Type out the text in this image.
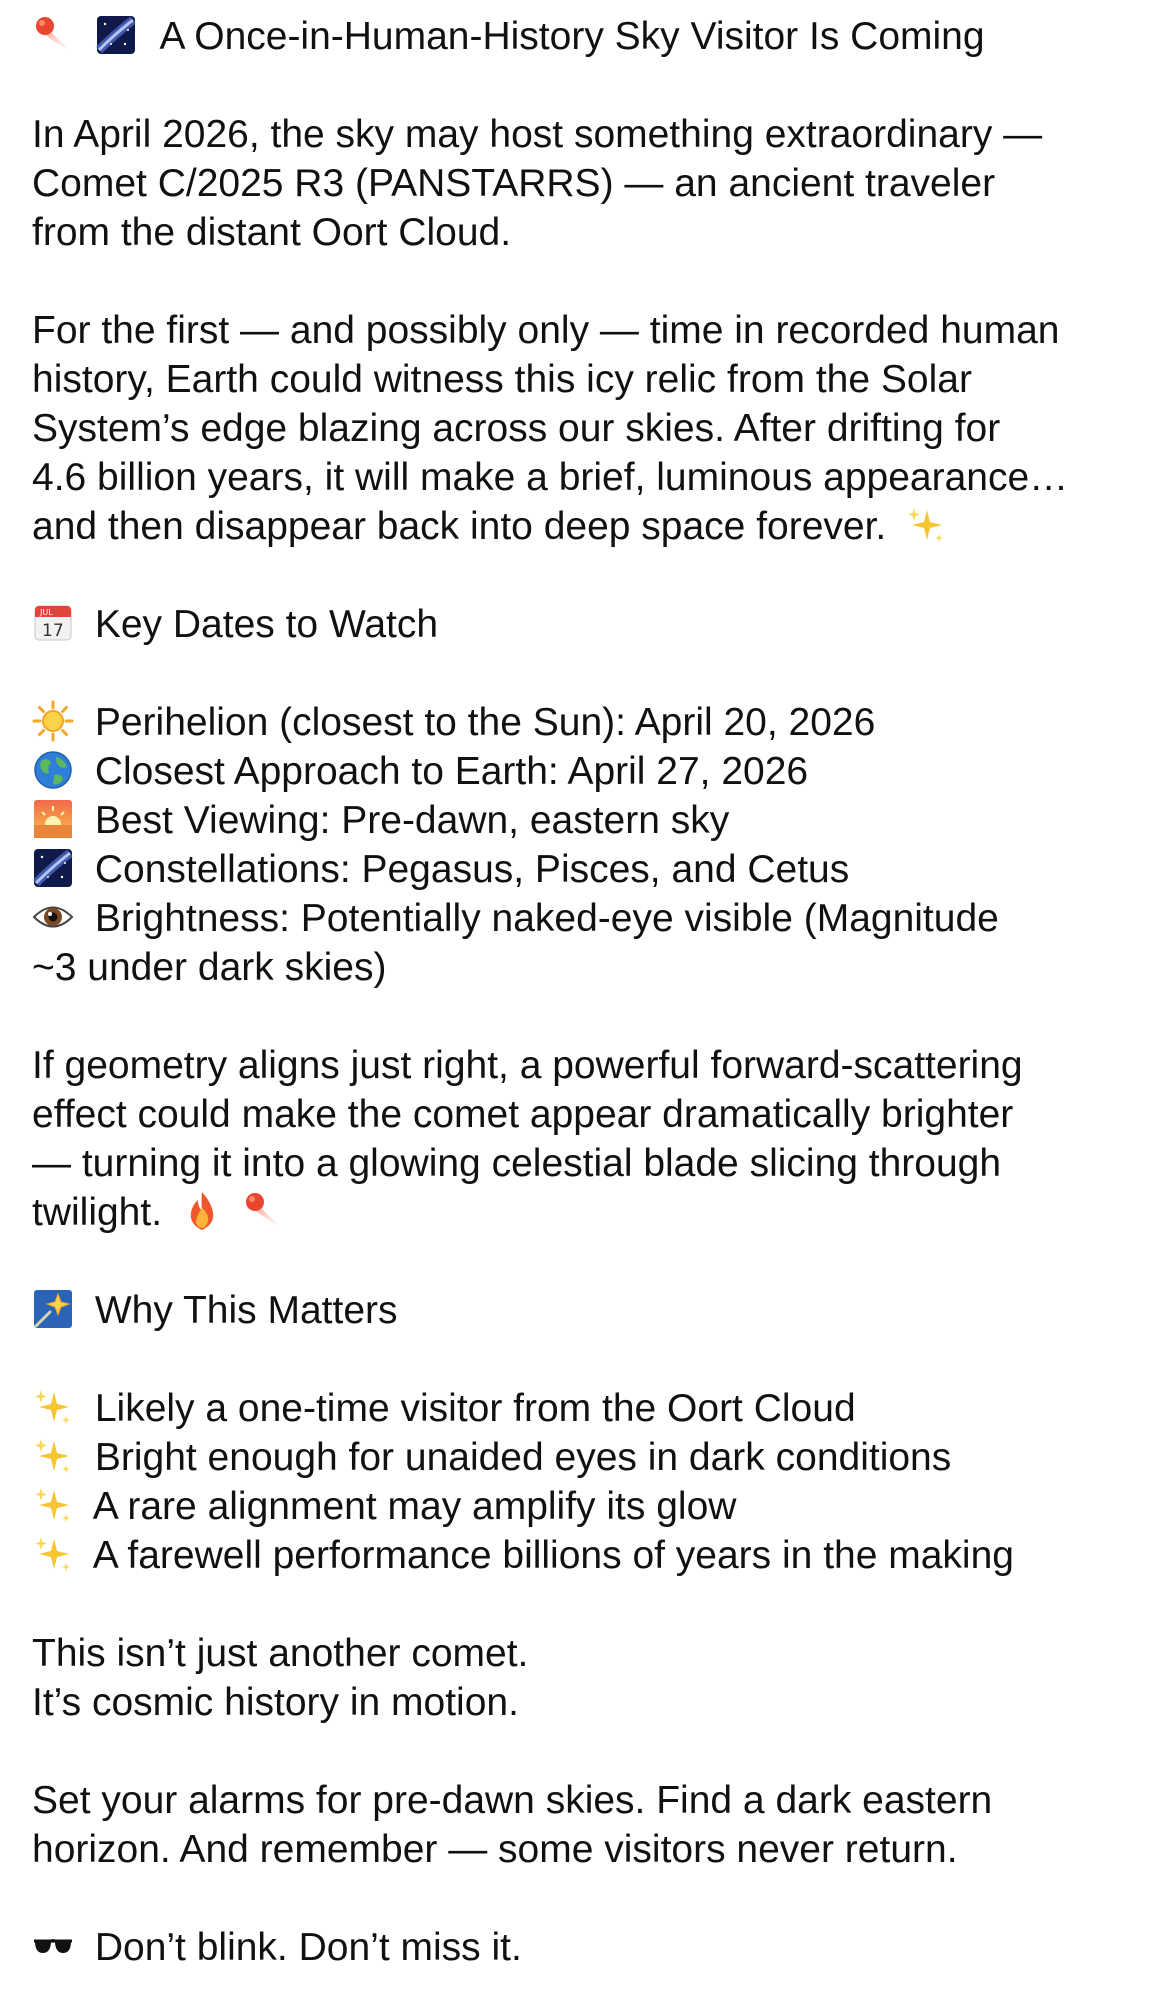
A Once-in-Human-History Sky Visitor Is Coming
In April 2026, the sky may host something extraordinary —
Comet C/2025 R3 (PANSTARRS) — an ancient traveler
from the distant Oort Cloud.
For the first — and possibly only — time in recorded human
history, Earth could witness this icy relic from the Solar
System’s edge blazing across our skies. After drifting for
4.6 billion years, it will make a brief, luminous appearance…
and then disappear back into deep space forever.
JUL
17 Key Dates to Watch
Perihelion (closest to the Sun): April 20, 2026
Closest Approach to Earth: April 27, 2026
Best Viewing: Pre-dawn, eastern sky
Constellations: Pegasus, Pisces, and Cetus
Brightness: Potentially naked-eye visible (Magnitude
~3 under dark skies)
If geometry aligns just right, a powerful forward-scattering
effect could make the comet appear dramatically brighter
— turning it into a glowing celestial blade slicing through
twilight.

Why This Matters
Likely a one-time visitor from the Oort Cloud
Bright enough for unaided eyes in dark conditions
A rare alignment may amplify its glow
A farewell performance billions of years in the making
This isn’t just another comet.
It’s cosmic history in motion.
Set your alarms for pre-dawn skies. Find a dark eastern
horizon. And remember — some visitors never return.
Don’t blink. Don’t miss it.
